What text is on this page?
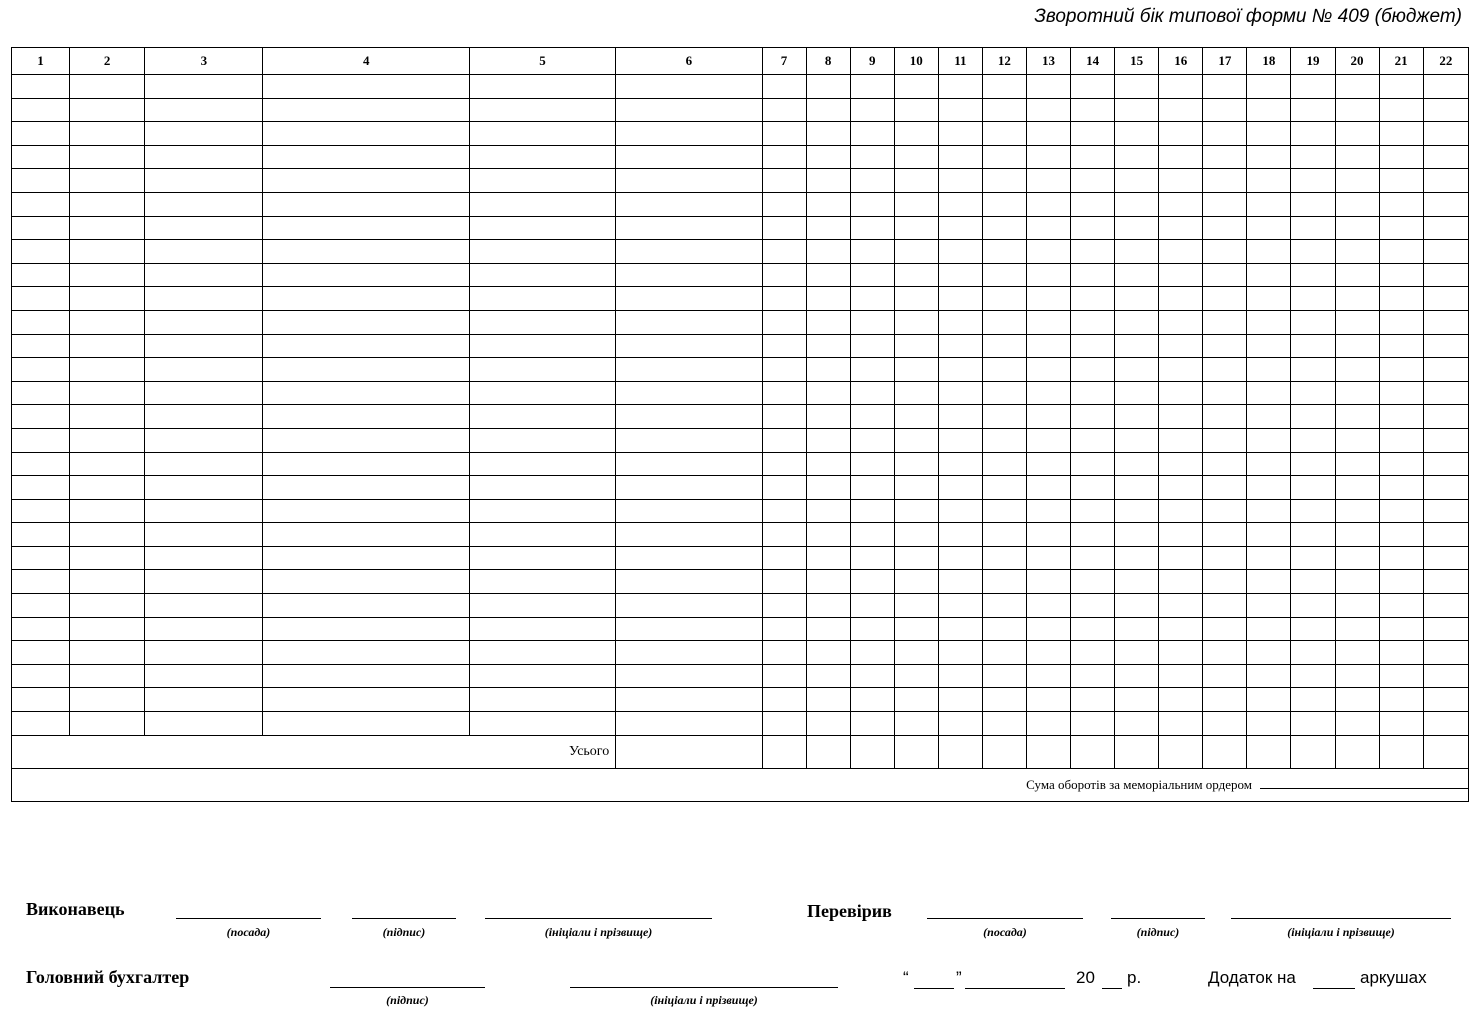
Зворотний бік типової форми № 409 (бюджет)
1	2	3	4	5	6	7	8	9	10	11	12	13	14	15	16	17	18	19	20	21	22

Усього																					
Сума оборотів за меморіальним ордером																					
Виконавець
(посада)	(підпис)	(ініціали і прізвище)
Перевірив
(посада)	(підпис)	(ініціали і прізвище)
Головний бухгалтер
(підпис)	(ініціали і прізвище)
“	”	20 р.	Додаток на	аркушах
